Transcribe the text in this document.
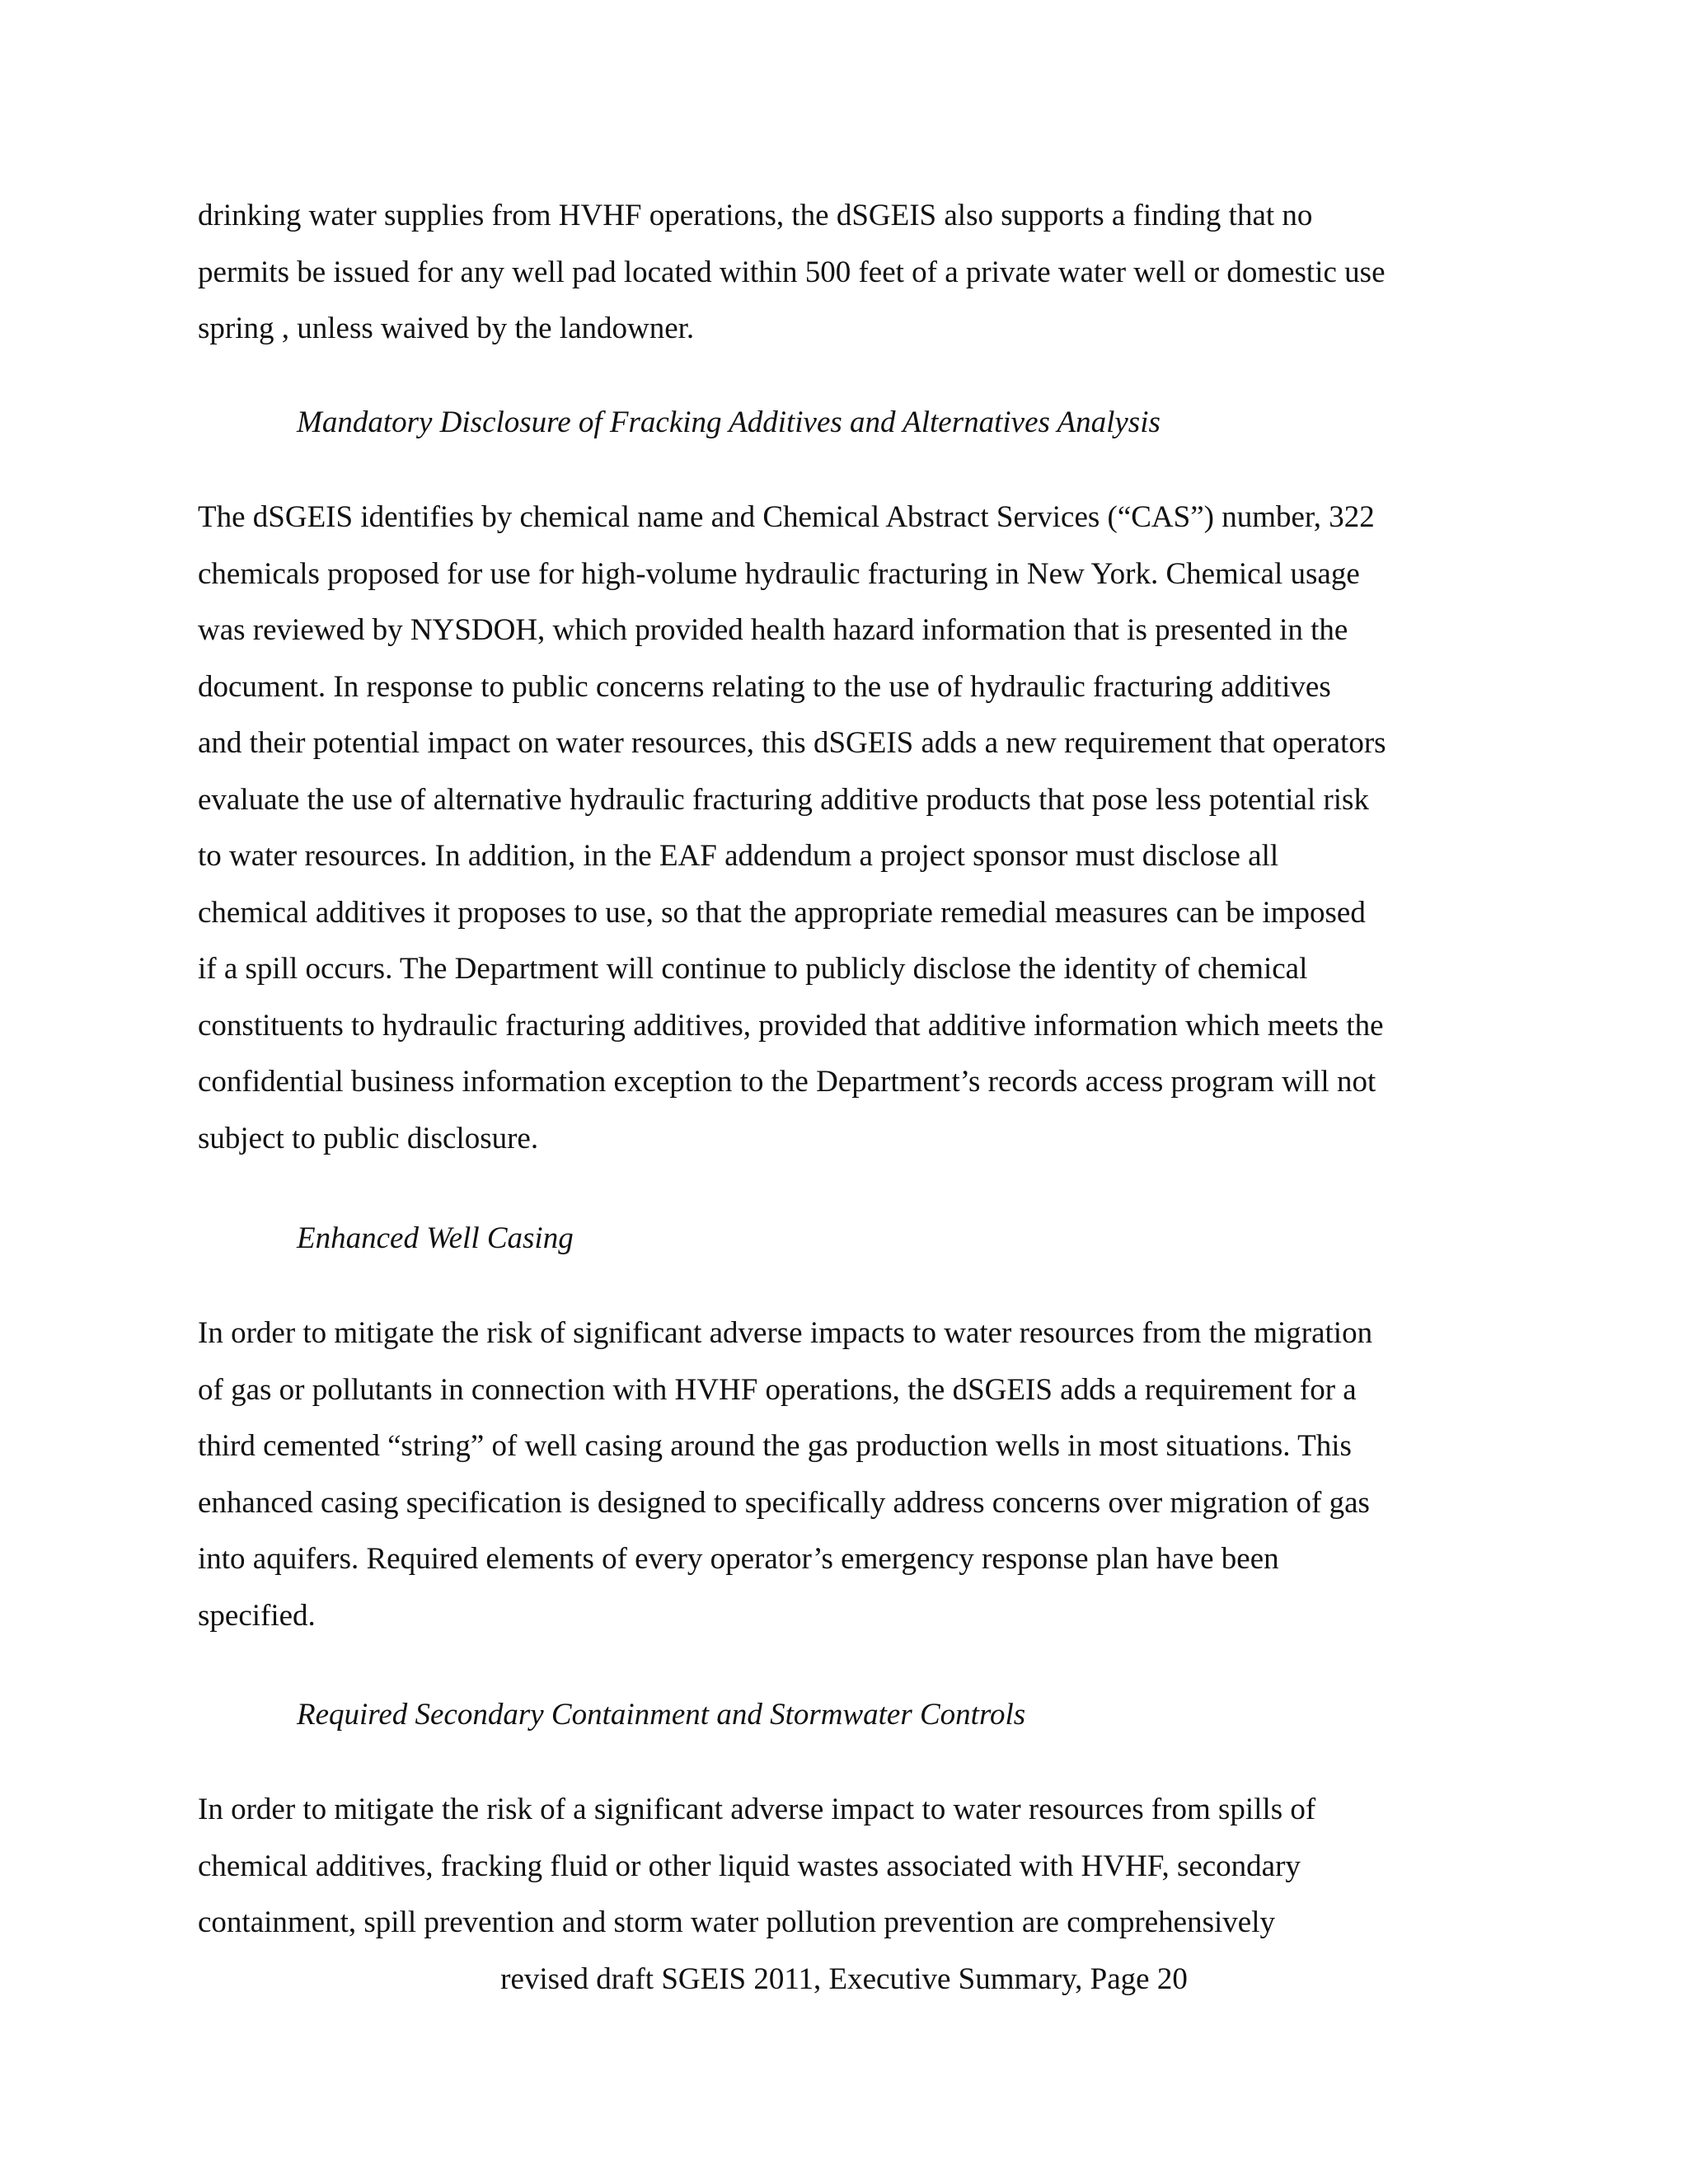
drinking water supplies from HVHF operations, the dSGEIS also supports a finding that no
permits be issued for any well pad located within 500 feet of a private water well or domestic use
spring , unless waived by the landowner.
Mandatory Disclosure of Fracking Additives and Alternatives Analysis
The dSGEIS identifies by chemical name and Chemical Abstract Services (“CAS”) number, 322
chemicals proposed for use for high-volume hydraulic fracturing in New York. Chemical usage
was reviewed by NYSDOH, which provided health hazard information that is presented in the
document. In response to public concerns relating to the use of hydraulic fracturing additives
and their potential impact on water resources, this dSGEIS adds a new requirement that operators
evaluate the use of alternative hydraulic fracturing additive products that pose less potential risk
to water resources. In addition, in the EAF addendum a project sponsor must disclose all
chemical additives it proposes to use, so that the appropriate remedial measures can be imposed
if a spill occurs. The Department will continue to publicly disclose the identity of chemical
constituents to hydraulic fracturing additives, provided that additive information which meets the
confidential business information exception to the Department’s records access program will not
subject to public disclosure.
Enhanced Well Casing
In order to mitigate the risk of significant adverse impacts to water resources from the migration
of gas or pollutants in connection with HVHF operations, the dSGEIS adds a requirement for a
third cemented “string” of well casing around the gas production wells in most situations. This
enhanced casing specification is designed to specifically address concerns over migration of gas
into aquifers. Required elements of every operator’s emergency response plan have been
specified.
Required Secondary Containment and Stormwater Controls
In order to mitigate the risk of a significant adverse impact to water resources from spills of
chemical additives, fracking fluid or other liquid wastes associated with HVHF, secondary
containment, spill prevention and storm water pollution prevention are comprehensively
revised draft SGEIS 2011, Executive Summary, Page 20
